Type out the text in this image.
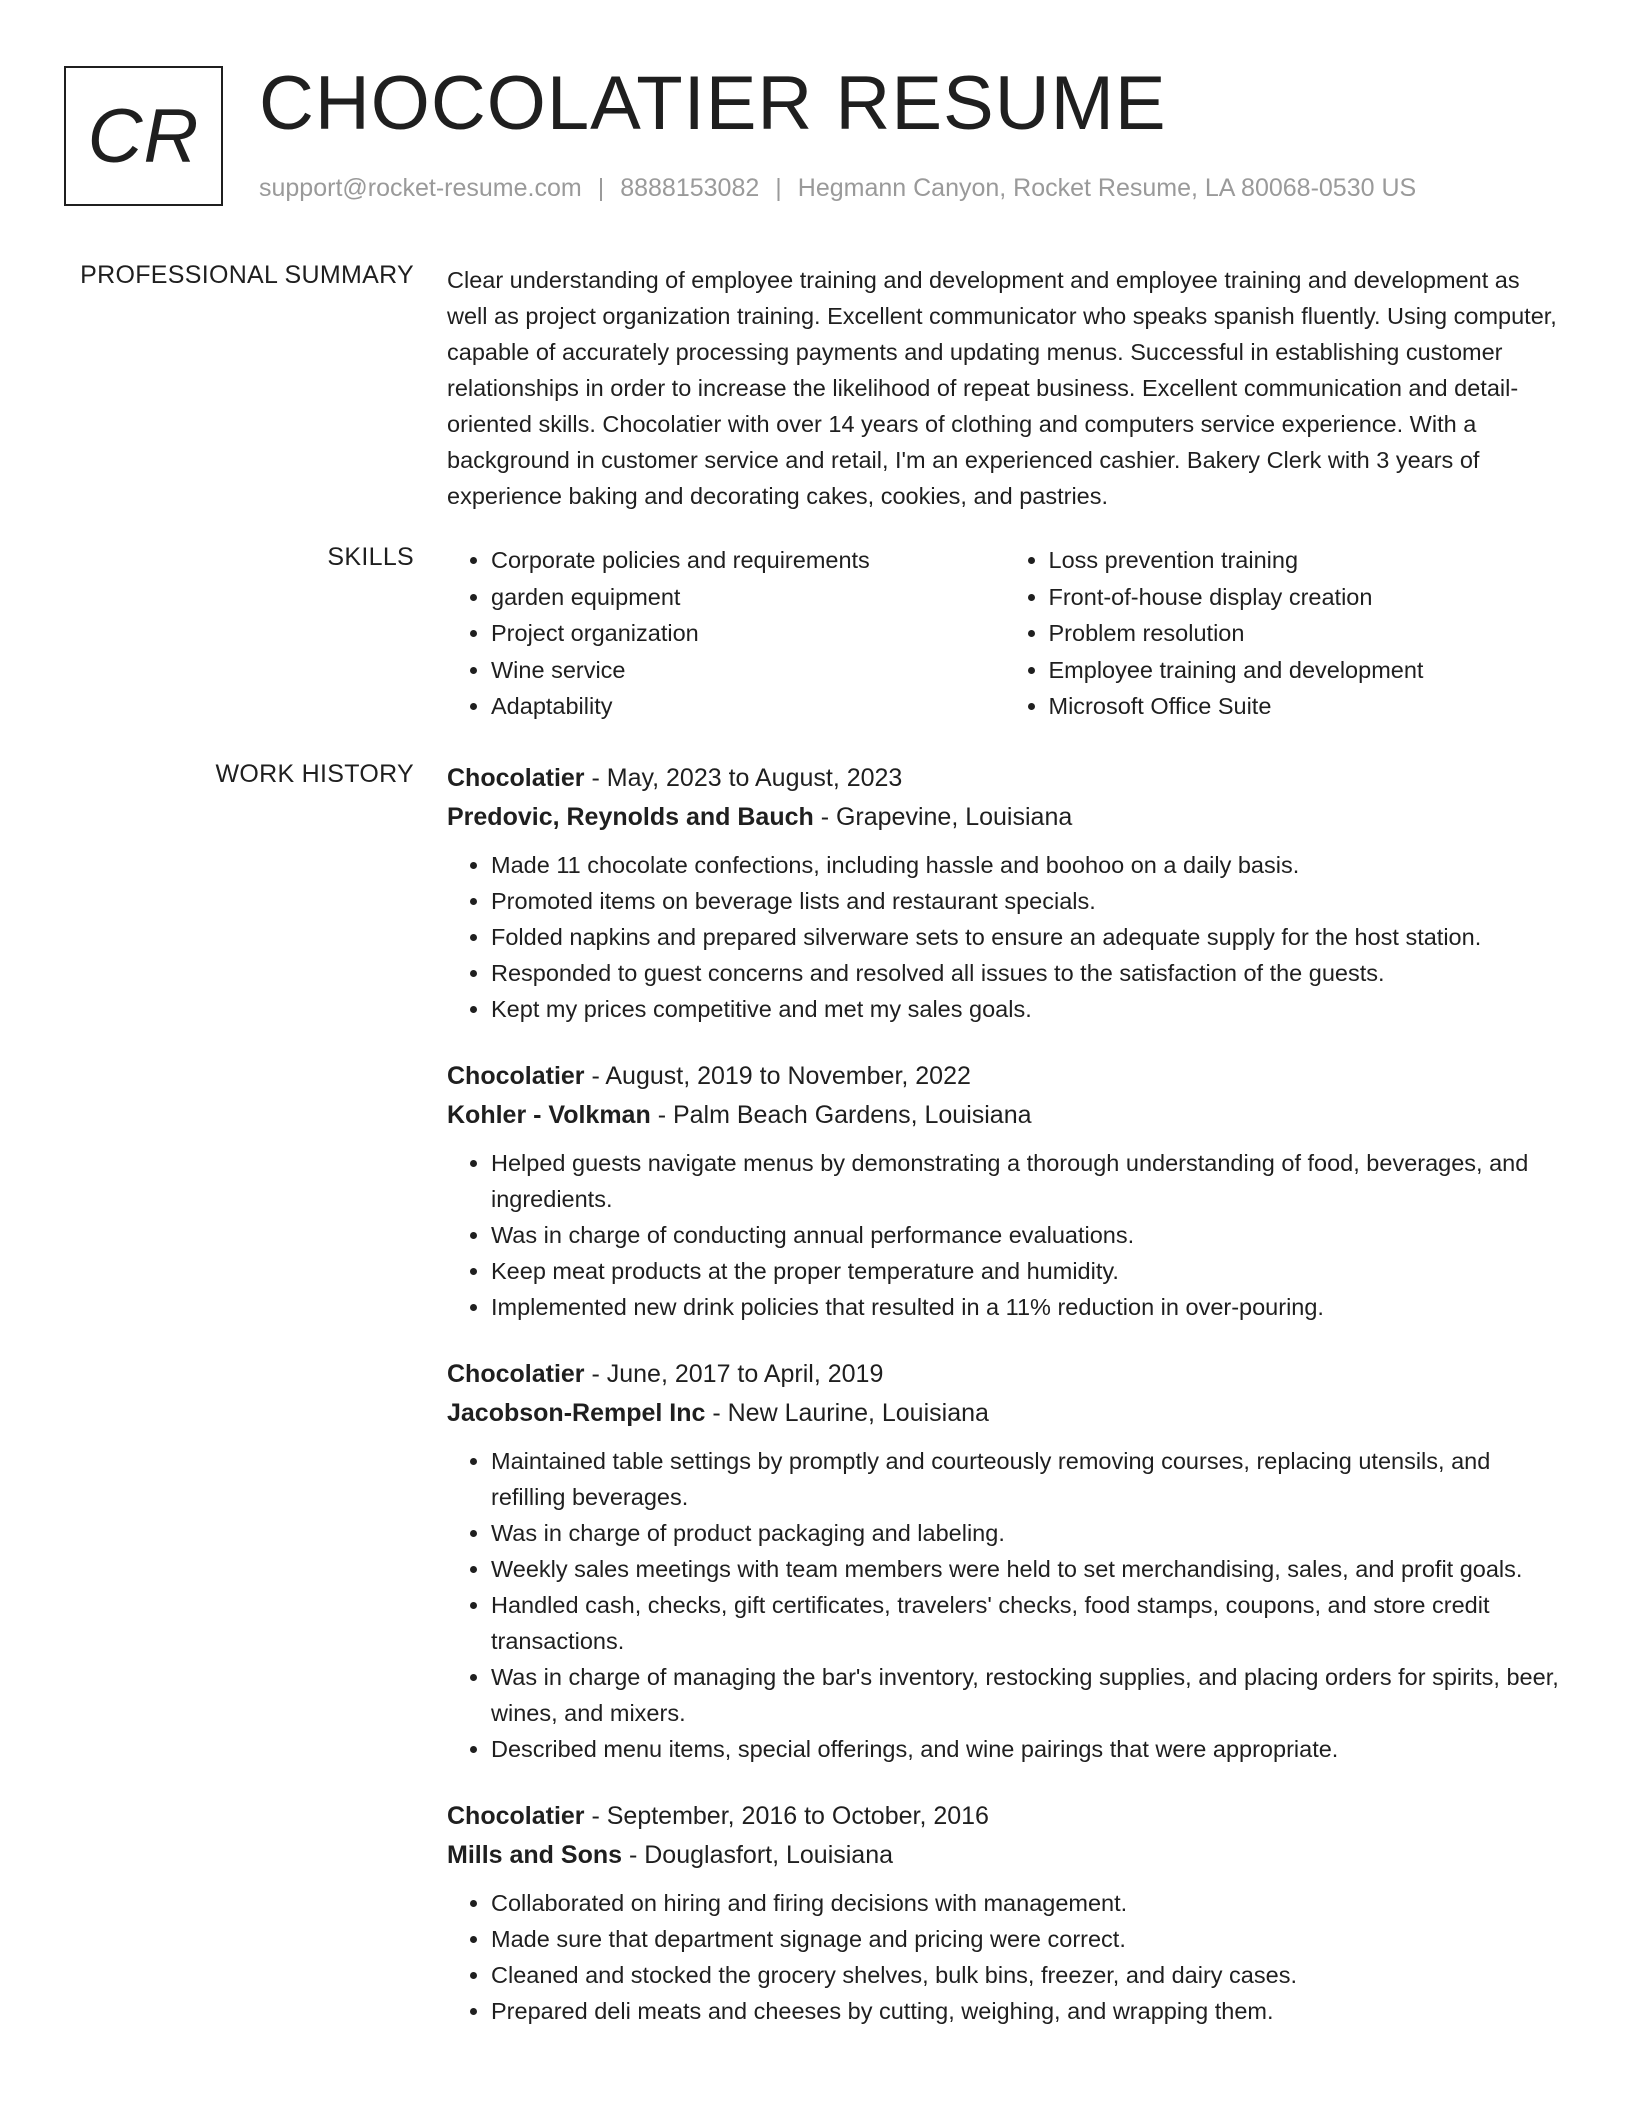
CR CHOCOLATIER RESUME
support@rocket-resume.com | 8888153082 | Hegmann Canyon, Rocket Resume, LA 80068-0530 US
PROFESSIONAL SUMMARY Clear understanding of employee training and development and employee training and development as well as project organization training. Excellent communicator who speaks spanish fluently. Using computer, capable of accurately processing payments and updating menus. Successful in establishing customer relationships in order to increase the likelihood of repeat business. Excellent communication and detail-oriented skills. Chocolatier with over 14 years of clothing and computers service experience. With a background in customer service and retail, I'm an experienced cashier. Bakery Clerk with 3 years of experience baking and decorating cakes, cookies, and pastries.

SKILLS
•	Corporate policies and requirements
• garden equipment
• Project organization
• Wine service
• Adaptability
• Loss prevention training
• Front-of-house display creation
• Problem resolution
• Employee training and development
• Microsoft Office Suite
WORK HISTORY Chocolatier - May, 2023 to August, 2023
Predovic, Reynolds and Bauch - Grapevine, Louisiana
• Made 11 chocolate confections, including hassle and boohoo on a daily basis.
• Promoted items on beverage lists and restaurant specials.
• Folded napkins and prepared silverware sets to ensure an adequate supply for the host station.
• Responded to guest concerns and resolved all issues to the satisfaction of the guests.
• Kept my prices competitive and met my sales goals.
Chocolatier - August, 2019 to November, 2022
Kohler - Volkman - Palm Beach Gardens, Louisiana
• Helped guests navigate menus by demonstrating a thorough understanding of food, beverages, and ingredients.
• Was in charge of conducting annual performance evaluations.
• Keep meat products at the proper temperature and humidity.
• Implemented new drink policies that resulted in a 11% reduction in over-pouring.
Chocolatier - June, 2017 to April, 2019
Jacobson-Rempel Inc - New Laurine, Louisiana
• Maintained table settings by promptly and courteously removing courses, replacing utensils, and refilling beverages.
• Was in charge of product packaging and labeling.
• Weekly sales meetings with team members were held to set merchandising, sales, and profit goals.
• Handled cash, checks, gift certificates, travelers' checks, food stamps, coupons, and store credit transactions.
• Was in charge of managing the bar's inventory, restocking supplies, and placing orders for spirits, beer, wines, and mixers.
• Described menu items, special offerings, and wine pairings that were appropriate.
Chocolatier - September, 2016 to October, 2016
Mills and Sons - Douglasfort, Louisiana
• Collaborated on hiring and firing decisions with management.
• Made sure that department signage and pricing were correct.
• Cleaned and stocked the grocery shelves, bulk bins, freezer, and dairy cases.
• Prepared deli meats and cheeses by cutting, weighing, and wrapping them.
